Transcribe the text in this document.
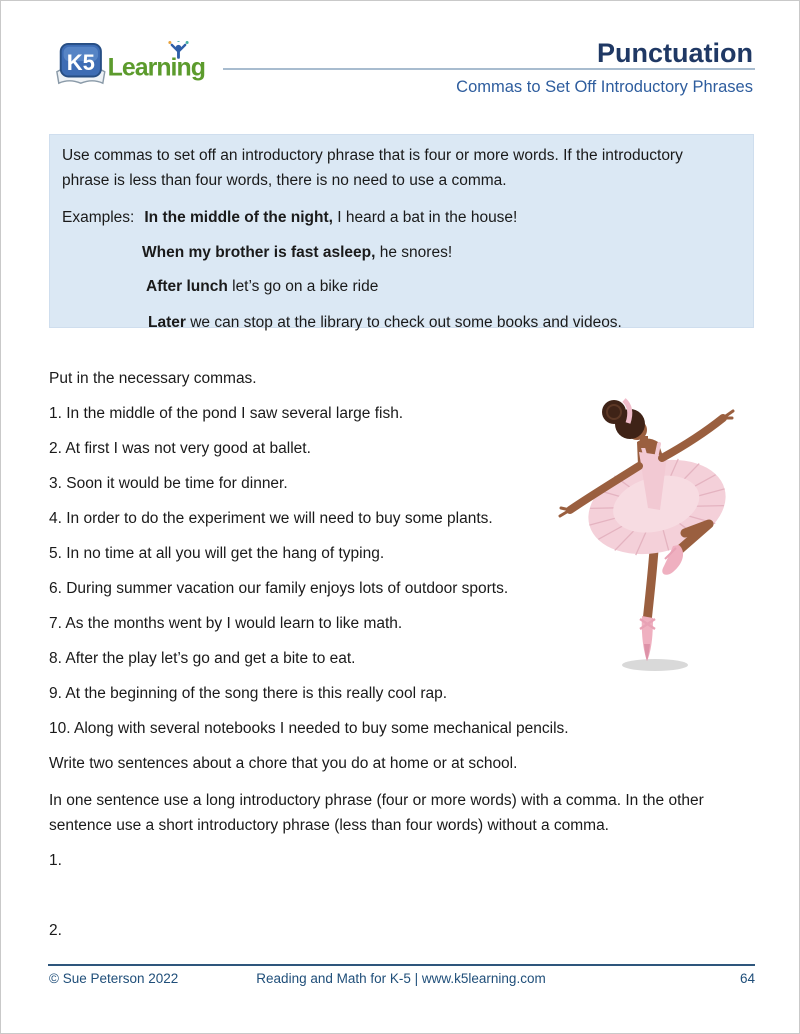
K5 Learning	Punctuation
Commas to Set Off Introductory Phrases
Use commas to set off an introductory phrase that is four or more words. If the introductory phrase is less than four words, there is no need to use a comma.
Examples: In the middle of the night, I heard a bat in the house!
When my brother is fast asleep, he snores!
After lunch let’s go on a bike ride
Later we can stop at the library to check out some books and videos.
Put in the necessary commas.
1. In the middle of the pond I saw several large fish.
2. At first I was not very good at ballet.
3. Soon it would be time for dinner.
4. In order to do the experiment we will need to buy some plants.
5. In no time at all you will get the hang of typing.
6. During summer vacation our family enjoys lots of outdoor sports.
7. As the months went by I would learn to like math.
8. After the play let’s go and get a bite to eat.
9. At the beginning of the song there is this really cool rap.
10. Along with several notebooks I needed to buy some mechanical pencils.
Write two sentences about a chore that you do at home or at school.
In one sentence use a long introductory phrase (four or more words) with a comma. In the other sentence use a short introductory phrase (less than four words) without a comma.
1.
2.
© Sue Peterson 2022	Reading and Math for K-5 | www.k5learning.com	64
